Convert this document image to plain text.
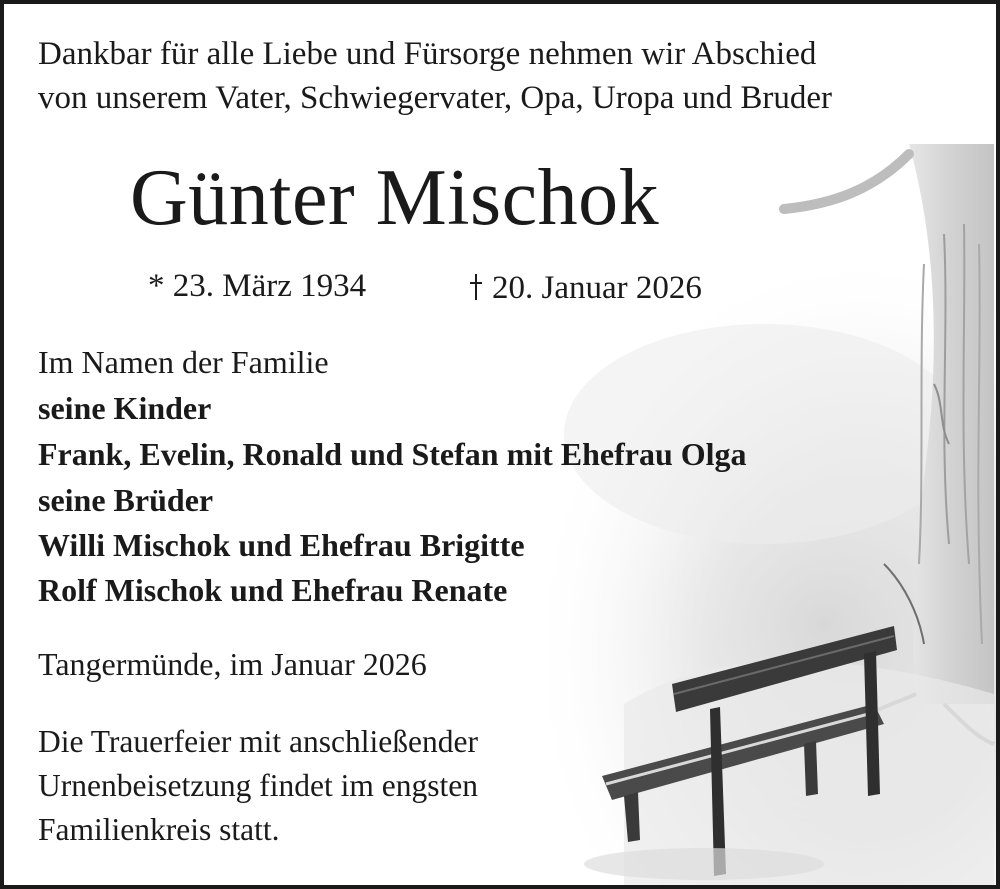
Dankbar für alle Liebe und Fürsorge nehmen wir Abschied
von unserem Vater, Schwiegervater, Opa, Uropa und Bruder
Günter Mischok
* 23. März 1934	20. Januar 2026
Im Namen der Familie
seine Kinder
Frank, Evelin, Ronald und Stefan mit Ehefrau Olga
seine Brüder
Willi Mischok und Ehefrau Brigitte
Rolf Mischok und Ehefrau Renate
Tangermünde, im Januar 2026
Die Trauerfeier mit anschließender
Urnenbeisetzung findet im engsten
Familienkreis statt.
